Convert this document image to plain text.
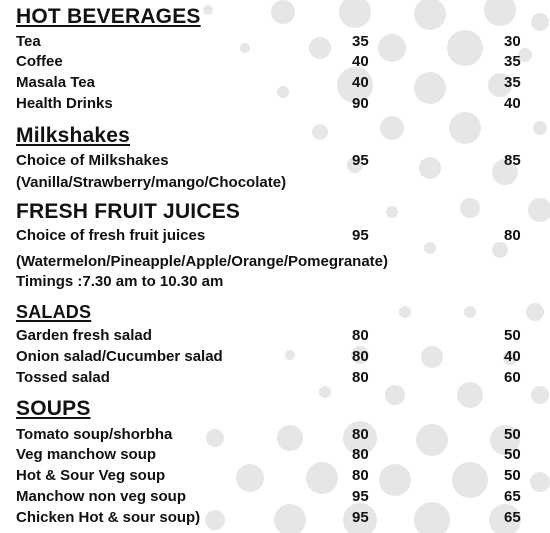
HOT BEVERAGES
Tea	35	30
Coffee	40	35
Masala Tea	40	35
Health Drinks	90	40
Milkshakes
Choice of Milkshakes	95	85
(Vanilla/Strawberry/mango/Chocolate)
FRESH FRUIT JUICES
Choice of fresh fruit juices	95	80
(Watermelon/Pineapple/Apple/Orange/Pomegranate)
Timings :7.30 am to 10.30 am
SALADS
Garden fresh salad	80	50
Onion salad/Cucumber salad	80	40
Tossed salad	80	60
SOUPS
Tomato soup/shorbha	80	50
Veg manchow soup	80	50
Hot & Sour Veg soup	80	50
Manchow non veg soup	95	65
Chicken Hot & sour soup)	95	65
